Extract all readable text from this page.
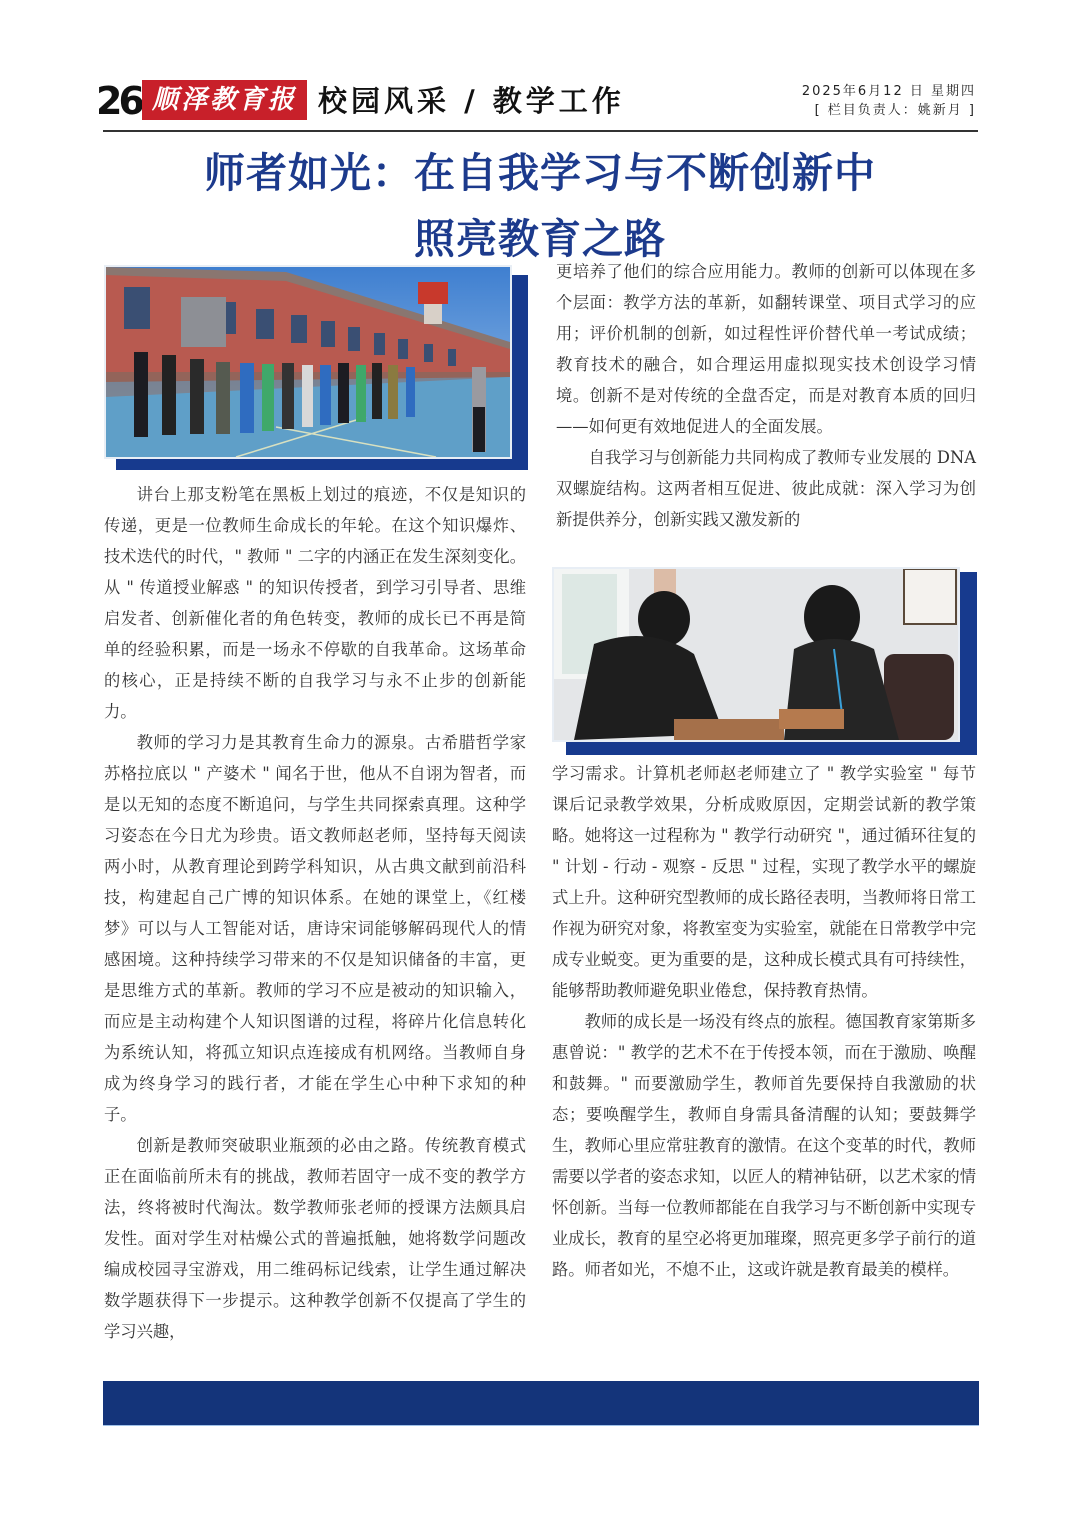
26 顺泽教育报 校园风采 / 教学工作	2025年6月12 日 星期四
[ 栏目负责人：姚新月 ]
师者如光：在自我学习与不断创新中
照亮教育之路

讲台上那支粉笔在黑板上划过的痕迹，不仅是知识的传递，更是一位教师生命成长的年轮。在这个知识爆炸、技术迭代的时代，" 教师 " 二字的内涵正在发生深刻变化。从 " 传道授业解惑 " 的知识传授者，到学习引导者、思维启发者、创新催化者的角色转变，教师的成长已不再是简单的经验积累，而是一场永不停歇的自我革命。这场革命的核心，正是持续不断的自我学习与永不止步的创新能力。

教师的学习力是其教育生命力的源泉。古希腊哲学家苏格拉底以 " 产婆术 " 闻名于世，他从不自诩为智者，而是以无知的态度不断追问，与学生共同探索真理。这种学习姿态在今日尤为珍贵。语文教师赵老师，坚持每天阅读两小时，从教育理论到跨学科知识，从古典文献到前沿科技，构建起自己广博的知识体系。在她的课堂上，《红楼梦》可以与人工智能对话，唐诗宋词能够解码现代人的情感困境。这种持续学习带来的不仅是知识储备的丰富，更是思维方式的革新。教师的学习不应是被动的知识输入，而应是主动构建个人知识图谱的过程，将碎片化信息转化为系统认知，将孤立知识点连接成有机网络。当教师自身成为终身学习的践行者，才能在学生心中种下求知的种子。

创新是教师突破职业瓶颈的必由之路。传统教育模式正在面临前所未有的挑战，教师若固守一成不变的教学方法，终将被时代淘汰。数学教师张老师的授课方法颇具启发性。面对学生对枯燥公式的普遍抵触，她将数学问题改编成校园寻宝游戏，用二维码标记线索，让学生通过解决数学题获得下一步提示。这种教学创新不仅提高了学生的学习兴趣，

更培养了他们的综合应用能力。教师的创新可以体现在多个层面：教学方法的革新，如翻转课堂、项目式学习的应用；评价机制的创新，如过程性评价替代单一考试成绩；教育技术的融合，如合理运用虚拟现实技术创设学习情境。创新不是对传统的全盘否定，而是对教育本质的回归——如何更有效地促进人的全面发展。

自我学习与创新能力共同构成了教师专业发展的 DNA 双螺旋结构。这两者相互促进、彼此成就：深入学习为创新提供养分，创新实践又激发新的

学习需求。计算机老师赵老师建立了 " 教学实验室 " 每节课后记录教学效果，分析成败原因，定期尝试新的教学策略。她将这一过程称为 " 教学行动研究 "，通过循环往复的 " 计划 - 行动 - 观察 - 反思 " 过程，实现了教学水平的螺旋式上升。这种研究型教师的成长路径表明，当教师将日常工作视为研究对象，将教室变为实验室，就能在日常教学中完成专业蜕变。更为重要的是，这种成长模式具有可持续性，能够帮助教师避免职业倦怠，保持教育热情。

教师的成长是一场没有终点的旅程。德国教育家第斯多惠曾说：" 教学的艺术不在于传授本领，而在于激励、唤醒和鼓舞。" 而要激励学生，教师首先要保持自我激励的状态；要唤醒学生，教师自身需具备清醒的认知；要鼓舞学生，教师心里应常驻教育的激情。在这个变革的时代，教师需要以学者的姿态求知，以匠人的精神钻研，以艺术家的情怀创新。当每一位教师都能在自我学习与不断创新中实现专业成长，教育的星空必将更加璀璨，照亮更多学子前行的道路。师者如光，不熄不止，这或许就是教育最美的模样。
